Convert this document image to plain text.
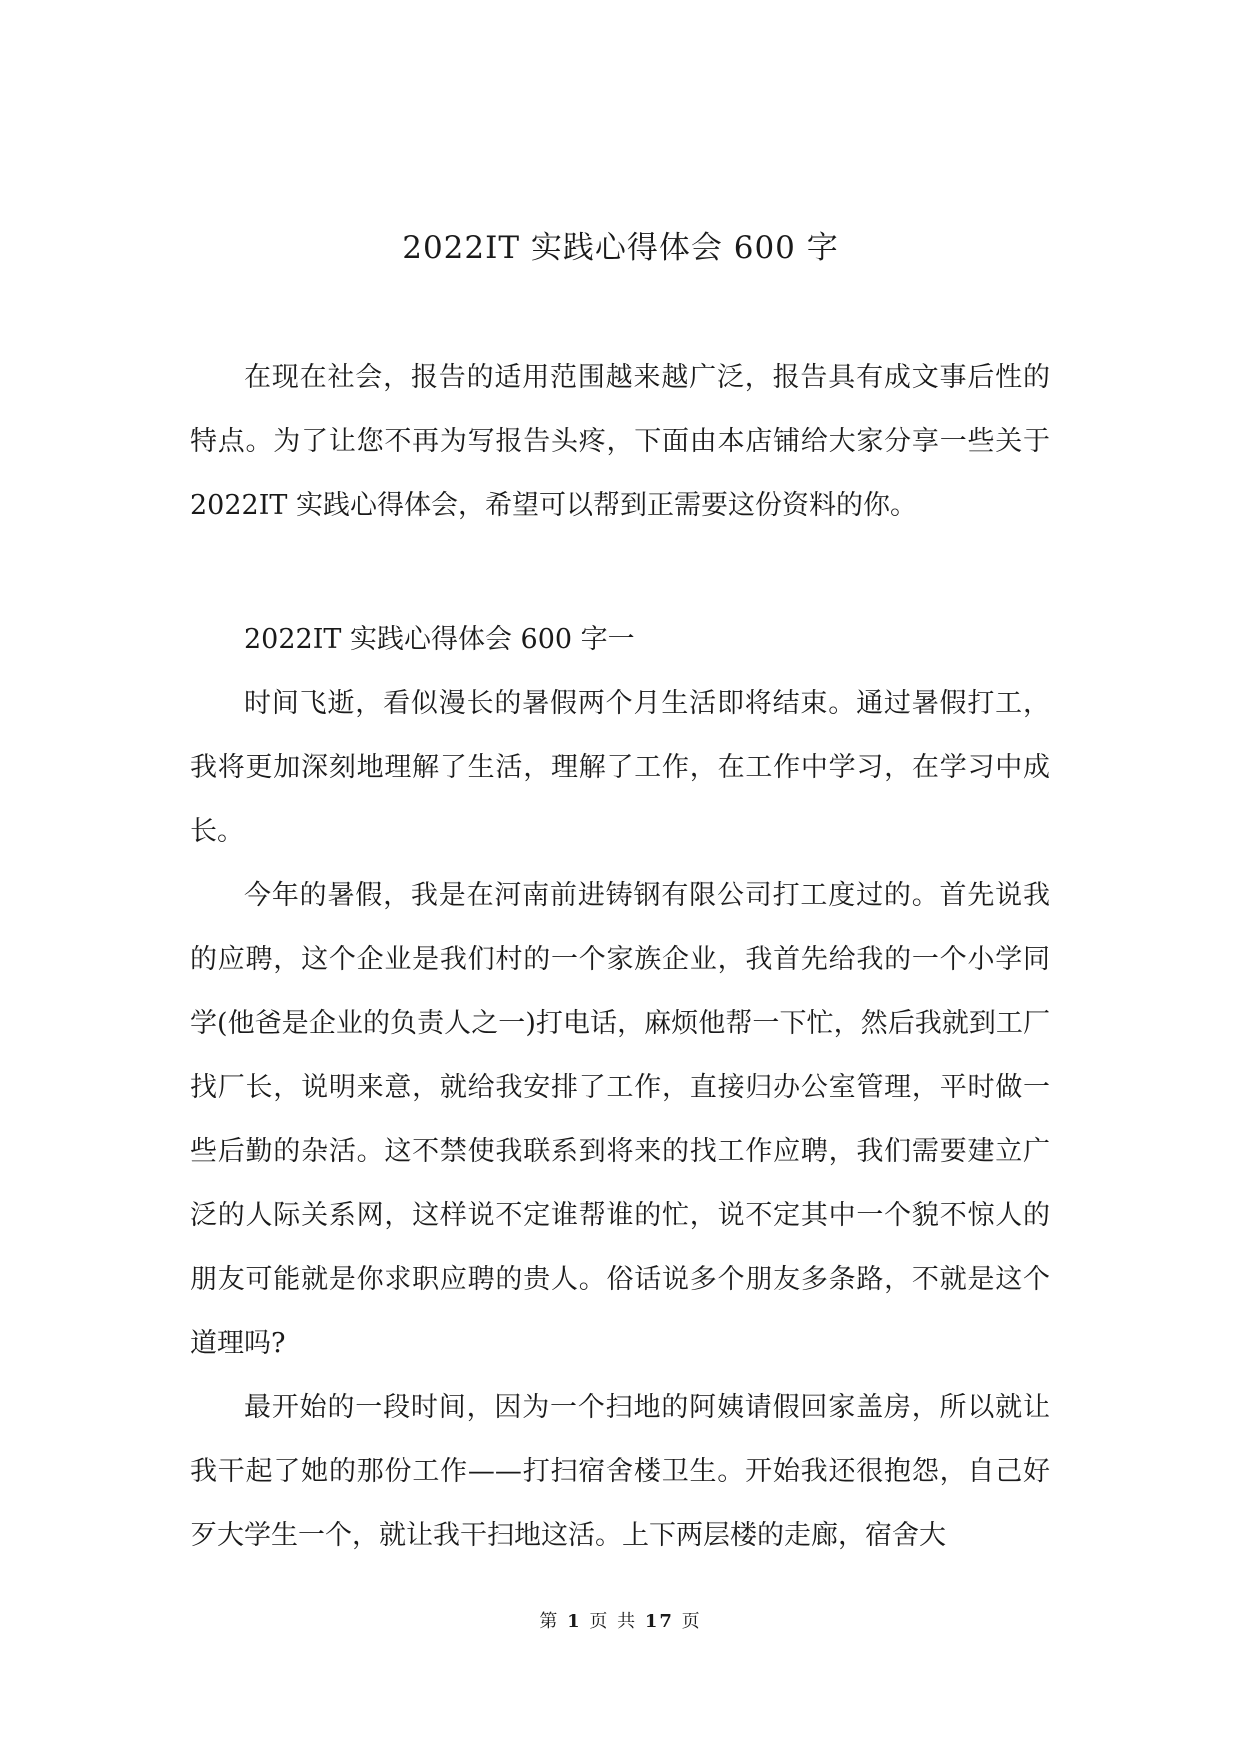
2022IT 实践心得体会 600 字

在现在社会，报告的适用范围越来越广泛，报告具有成文事后性的特点。为了让您不再为写报告头疼，下面由本店铺给大家分享一些关于 2022IT 实践心得体会，希望可以帮到正需要这份资料的你。

2022IT 实践心得体会 600 字一

时间飞逝，看似漫长的暑假两个月生活即将结束。通过暑假打工，我将更加深刻地理解了生活，理解了工作，在工作中学习，在学习中成长。

今年的暑假，我是在河南前进铸钢有限公司打工度过的。首先说我的应聘，这个企业是我们村的一个家族企业，我首先给我的一个小学同学(他爸是企业的负责人之一)打电话，麻烦他帮一下忙，然后我就到工厂找厂长，说明来意，就给我安排了工作，直接归办公室管理，平时做一些后勤的杂活。这不禁使我联系到将来的找工作应聘，我们需要建立广泛的人际关系网，这样说不定谁帮谁的忙，说不定其中一个貌不惊人的朋友可能就是你求职应聘的贵人。俗话说多个朋友多条路，不就是这个道理吗?

最开始的一段时间，因为一个扫地的阿姨请假回家盖房，所以就让我干起了她的那份工作——打扫宿舍楼卫生。开始我还很抱怨，自己好歹大学生一个，就让我干扫地这活。上下两层楼的走廊，宿舍大

第 1 页 共 17 页
